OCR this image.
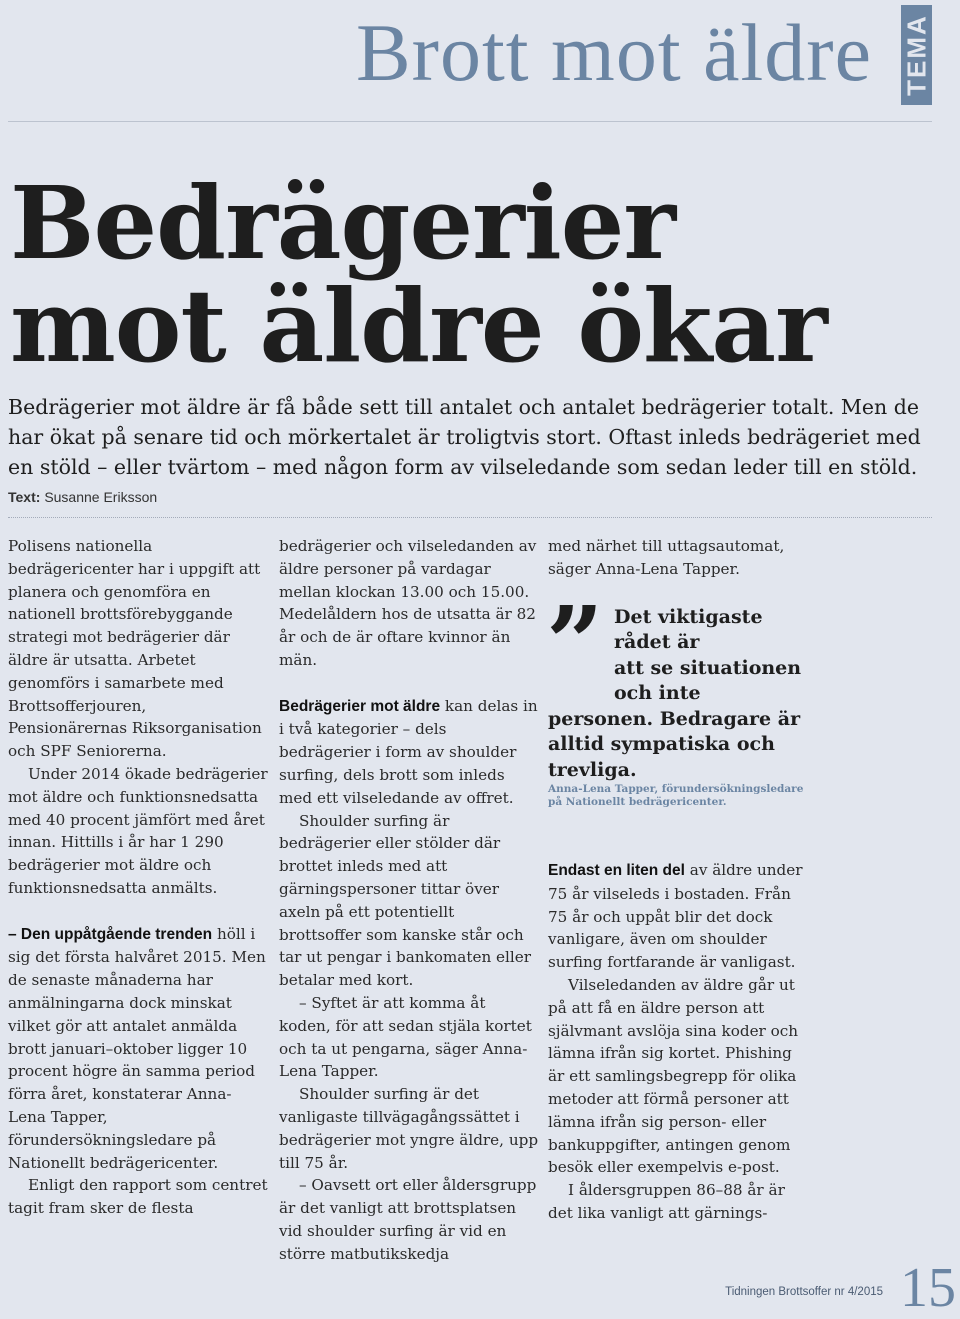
Brott mot äldre TEMA
Bedrägerier
mot äldre ökar

Bedrägerier mot äldre är få både sett till antalet och antalet bedrägerier totalt. Men de har ökat på senare tid och mörkertalet är troligtvis stort. Oftast inleds bedrägeriet med en stöld – eller tvärtom – med någon form av vilseledande som sedan leder till en stöld.

Text: Susanne Eriksson

Polisens nationella bedrägericenter har i uppgift att planera och genomföra en nationell brottsförebyggande strategi mot bedrägerier där äldre är utsatta. Arbetet genomförs i samarbete med Brottsofferjouren, Pensionärernas Riksorganisation och SPF Seniorerna.

Under 2014 ökade bedrägerier mot äldre och funktionsnedsatta med 40 procent jämfört med året innan. Hittills i år har 1 290 bedrägerier mot äldre och funktionsnedsatta anmälts.

– Den uppåtgående trenden höll i sig det första halvåret 2015. Men de senaste månaderna har anmälningarna dock minskat vilket gör att antalet anmälda brott januari–oktober ligger 10 procent högre än samma period förra året, konstaterar Anna-Lena Tapper, förundersökningsledare på Nationellt bedrägericenter.

Enligt den rapport som centret tagit fram sker de flesta

bedrägerier och vilseledanden av äldre personer på vardagar mellan klockan 13.00 och 15.00. Medelåldern hos de utsatta är 82 år och de är oftare kvinnor än män.

Bedrägerier mot äldre kan delas in i två kategorier – dels bedrägerier i form av shoulder surfing, dels brott som inleds med ett vilseledande av offret.

Shoulder surfing är bedrägerier eller stölder där brottet inleds med att gärningspersoner tittar över axeln på ett potentiellt brottsoffer som kanske står och tar ut pengar i bankomaten eller betalar med kort.

– Syftet är att komma åt koden, för att sedan stjäla kortet och ta ut pengarna, säger Anna-Lena Tapper.

Shoulder surfing är det vanligaste tillvägagångssättet i bedrägerier mot yngre äldre, upp till 75 år.

– Oavsett ort eller åldersgrupp är det vanligt att brottsplatsen vid shoulder surfing är vid en större matbutikskedja

med närhet till uttagsautomat, säger Anna-Lena Tapper.

” Det viktigaste rådet är
att se situationen och inte
personen. Bedragare är alltid sympatiska och trevliga.

Anna-Lena Tapper, förundersökningsledare på Nationellt bedrägericenter.

Endast en liten del av äldre under 75 år vilseleds i bostaden. Från 75 år och uppåt blir det dock vanligare, även om shoulder surfing fortfarande är vanligast.

Vilseledanden av äldre går ut på att få en äldre person att självmant avslöja sina koder och lämna ifrån sig kortet. Phishing är ett samlingsbegrepp för olika metoder att förmå personer att lämna ifrån sig person- eller bankuppgifter, antingen genom besök eller exempelvis e-post.

I åldersgruppen 86–88 år är det lika vanligt att gärnings-

Tidningen Brottsoffer nr 4/2015 15
